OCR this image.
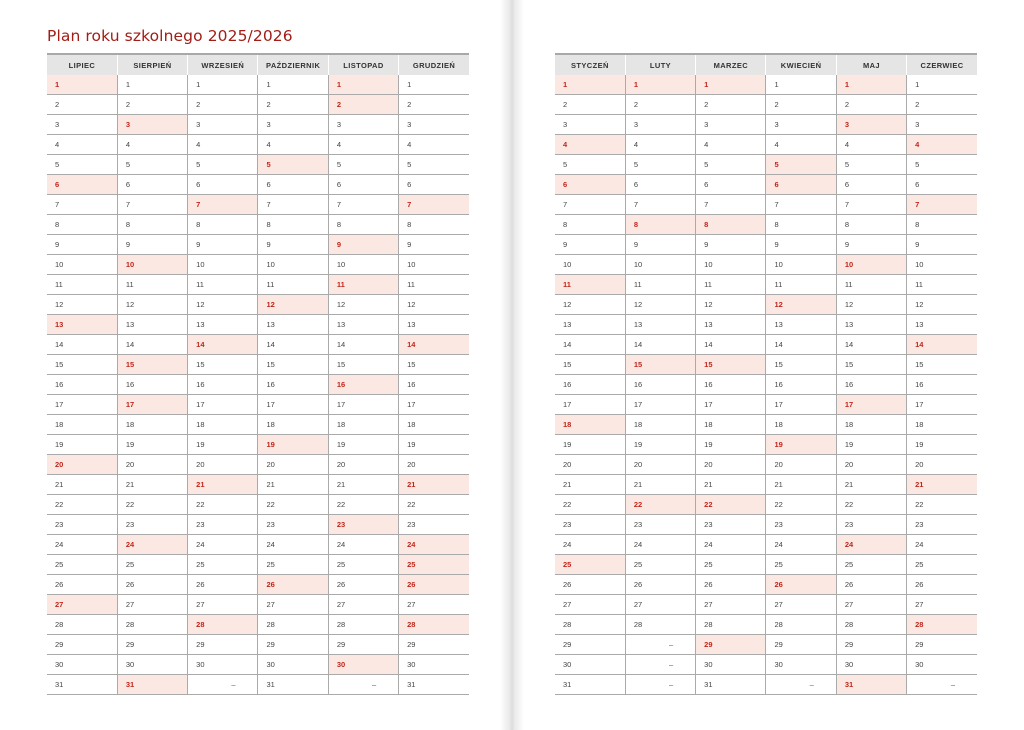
Plan roku szkolnego 2025/2026
LIPIEC	SIERPIEŃ	WRZESIEŃ	PAŹDZIERNIK	LISTOPAD	GRUDZIEŃ
1	1	1	1	1	1
2	2	2	2	2	2
3	3	3	3	3	3
4	4	4	4	4	4
5	5	5	5	5	5
6	6	6	6	6	6
7	7	7	7	7	7
8	8	8	8	8	8
9	9	9	9	9	9
10	10	10	10	10	10
11	11	11	11	11	11
12	12	12	12	12	12
13	13	13	13	13	13
14	14	14	14	14	14
15	15	15	15	15	15
16	16	16	16	16	16
17	17	17	17	17	17
18	18	18	18	18	18
19	19	19	19	19	19
20	20	20	20	20	20
21	21	21	21	21	21
22	22	22	22	22	22
23	23	23	23	23	23
24	24	24	24	24	24
25	25	25	25	25	25
26	26	26	26	26	26
27	27	27	27	27	27
28	28	28	28	28	28
29	29	29	29	29	29
30	30	30	30	30	30
31	31	–	31	–	31
STYCZEŃ	LUTY	MARZEC	KWIECIEŃ	MAJ	CZERWIEC
1	1	1	1	1	1
2	2	2	2	2	2
3	3	3	3	3	3
4	4	4	4	4	4
5	5	5	5	5	5
6	6	6	6	6	6
7	7	7	7	7	7
8	8	8	8	8	8
9	9	9	9	9	9
10	10	10	10	10	10
11	11	11	11	11	11
12	12	12	12	12	12
13	13	13	13	13	13
14	14	14	14	14	14
15	15	15	15	15	15
16	16	16	16	16	16
17	17	17	17	17	17
18	18	18	18	18	18
19	19	19	19	19	19
20	20	20	20	20	20
21	21	21	21	21	21
22	22	22	22	22	22
23	23	23	23	23	23
24	24	24	24	24	24
25	25	25	25	25	25
26	26	26	26	26	26
27	27	27	27	27	27
28	28	28	28	28	28
29	–	29	29	29	29
30	–	30	30	30	30
31	–	31	–	31	–
